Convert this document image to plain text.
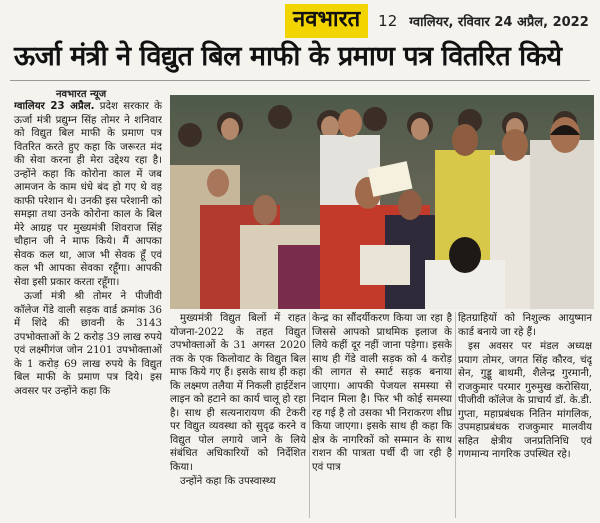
नवभारत	12 ग्वालियर, रविवार 24 अप्रैल, 2022
ऊर्जा मंत्री ने विद्युत बिल माफी के प्रमाण पत्र वितरित किये
नवभारत न्यूज

ग्वालियर 23 अप्रैल. प्रदेश सरकार के ऊर्जा मंत्री प्रद्युम्न सिंह तोमर ने शनिवार को विद्युत बिल माफी के प्रमाण पत्र वितरित करते हुए कहा कि जरूरत मंद की सेवा करना ही मेरा उद्देश्य रहा है। उन्होंने कहा कि कोरोना काल में जब आमजन के काम धंधे बंद हो गए थे वह काफी परेशान थे। उनकी इस परेशानी को समझा तथा उनके कोरोना काल के बिल मेरे आग्रह पर मुख्यमंत्री शिवराज सिंह चौहान जी ने माफ किये। मैं आपका सेवक कल था, आज भी सेवक हूँ एवं कल भी आपका सेवका रहूँगा। आपकी सेवा इसी प्रकार करता रहूँगा।

ऊर्जा मंत्री श्री तोमर ने पीजीवी कॉलेज गेंडे वाली सड़क वार्ड क्रमांक 36 में शिंदे की छावनी के 3143 उपभोक्ताओं के 2 करोड़ 39 लाख रुपये एवं लक्ष्मीगंज जोन 2101 उपभोक्ताओं के 1 करोड़ 69 लाख रुपये के विद्युत बिल माफी के प्रमाण पत्र दिये। इस अवसर पर उन्होंने कहा कि

मुख्यमंत्री विद्युत बिलों में राहत योजना-2022 के तहत विद्युत उपभोक्ताओं के 31 अगस्त 2020 तक के एक किलोवाट के विद्युत बिल माफ किये गए हैं। इसके साथ ही कहा कि लक्ष्मण तलैया में निकली हाईटेंशन लाइन को हटाने का कार्य चालू हो रहा है। साथ ही सत्यनारायण की टेकरी पर विद्युत व्यवस्था को सुदृढ करने व विद्युत पोल लगाये जाने के लिये संबंधित अधिकारियों को निर्देशित किया।

उन्होंने कहा कि उपस्वास्थ्य

केन्द्र का सौंदर्यीकरण किया जा रहा है जिससे आपको प्राथमिक इलाज के लिये कहीं दूर नहीं जाना पड़ेगा। इसके साथ ही गेंडे वाली सड़क को 4 करोड़ की लागत से स्मार्ट सड़क बनाया जाएगा। आपकी पेजयल समस्या से निदान मिला है। फिर भी कोई समस्या रह गई है तो उसका भी निराकरण शीघ्र किया जाएगा। इसके साथ ही कहा कि क्षेत्र के नागरिकों को सम्मान के साथ राशन की पात्रता पर्ची दी जा रही है एवं पात्र

हितग्राहियों को निशुल्क आयुष्मान कार्ड बनाये जा रहे हैं।

इस अवसर पर मंडल अध्यक्ष प्रयाग तोमर, जगत सिंह कौरव, चंदू सेन, गुड्डू बाथमी, शैलेन्द्र गुरमानी, राजकुमार परमार गुरुमुख करोसिया, पीजीवी कॉलेज के प्राचार्य डॉ. के.डी. गुप्ता, महाप्रबंधक नितिन मांगलिक, उपमहाप्रबंधक राजकुमार मालवीय सहित क्षेत्रीय जनप्रतिनिधि एवं गणमान्य नागरिक उपस्थित रहे।
